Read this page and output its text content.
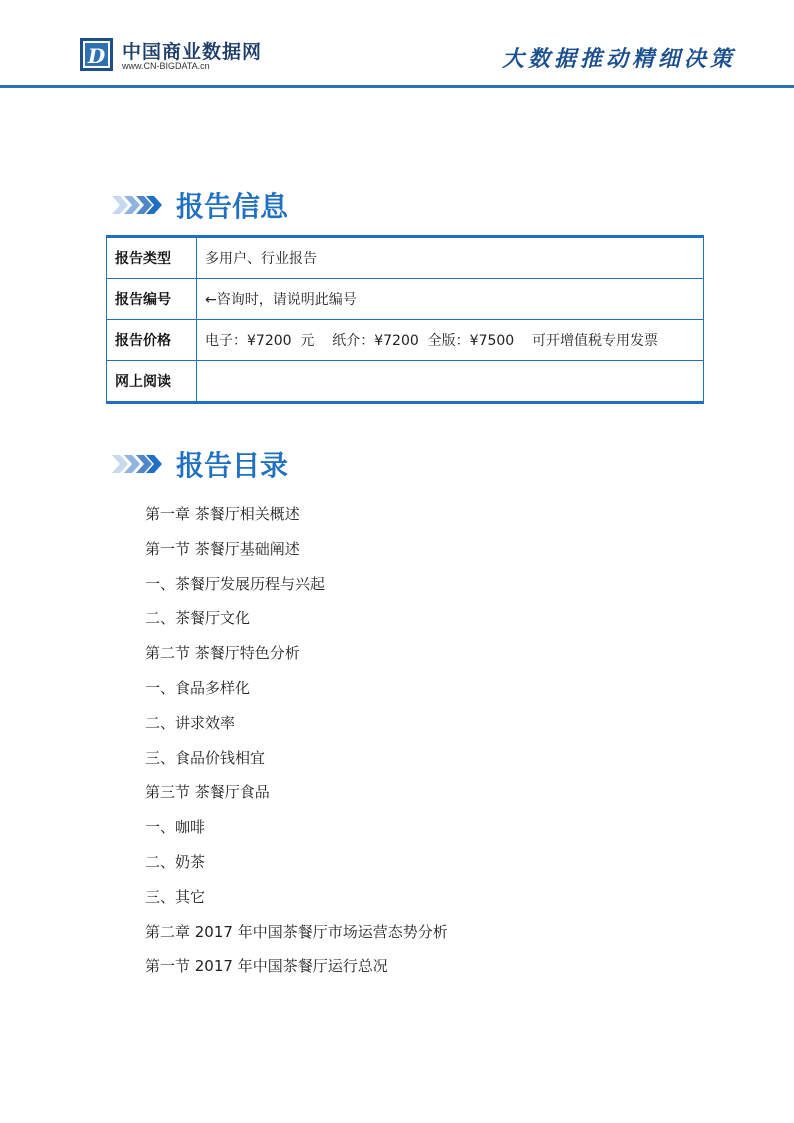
D 中国商业数据网
www.CN-BIGDATA.cn	大数据推动精细决策
报告信息
报告类型	多用户、行业报告
报告编号	←咨询时，请说明此编号
报告价格	电子：¥7200  元    纸介：¥7200  全版：¥7500    可开增值税专用发票
网上阅读	
报告目录
第一章 茶餐厅相关概述
第一节 茶餐厅基础阐述
一、茶餐厅发展历程与兴起
二、茶餐厅文化
第二节 茶餐厅特色分析
一、食品多样化
二、讲求效率
三、食品价钱相宜
第三节 茶餐厅食品
一、咖啡
二、奶茶
三、其它
第二章 2017 年中国茶餐厅市场运营态势分析
第一节 2017 年中国茶餐厅运行总况
